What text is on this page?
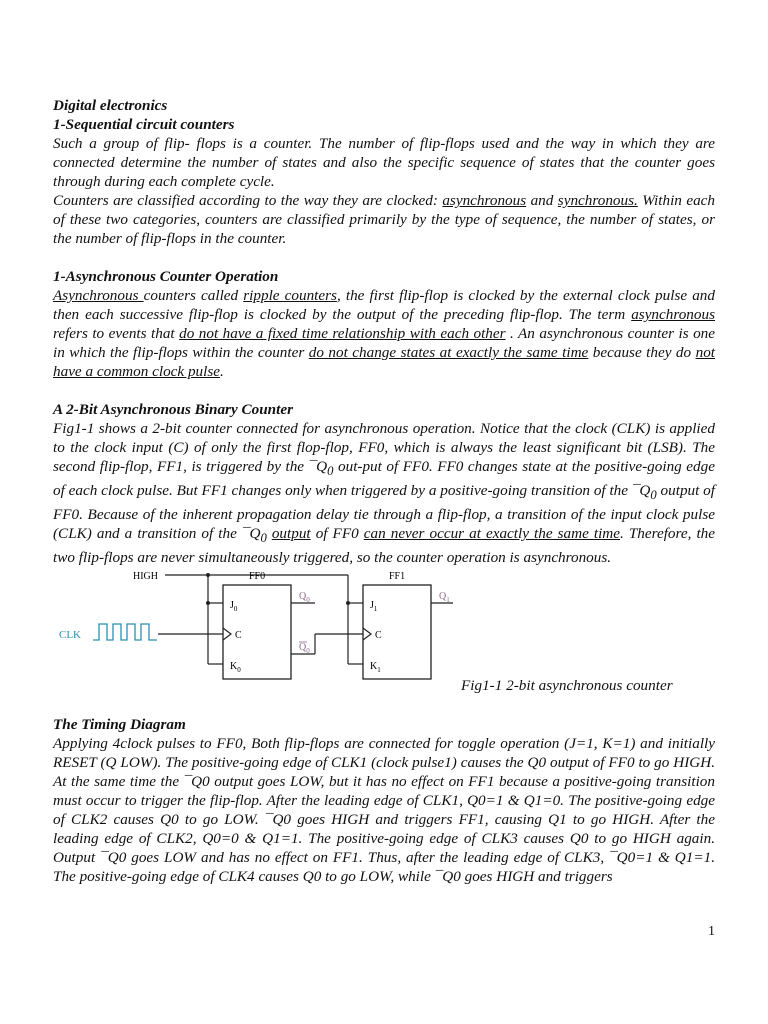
Digital electronics
1-Sequential circuit counters

Such a group of flip- flops is a counter. The number of flip-flops used and the way in which they are connected determine the number of states and also the specific sequence of states that the counter goes through during each complete cycle.

Counters are classified according to the way they are clocked: asynchronous and synchronous. Within each of these two categories, counters are classified primarily by the type of sequence, the number of states, or the number of flip-flops in the counter.

1-Asynchronous Counter Operation

Asynchronous counters called ripple counters, the first flip-flop is clocked by the external clock pulse and then each successive flip-flop is clocked by the output of the preceding flip-flop. The term asynchronous refers to events that do not have a fixed time relationship with each other . An asynchronous counter is one in which the flip-flops within the counter do not change states at exactly the same time because they do not have a common clock pulse.

A 2-Bit Asynchronous Binary Counter

Fig1-1 shows a 2-bit counter connected for asynchronous operation. Notice that the clock (CLK) is applied to the clock input (C) of only the first flop-flop, FF0, which is always the least significant bit (LSB). The second flip-flop, FF1, is triggered by the $¯Q_0$ out-put of FF0. FF0 changes state at the positive-going edge of each clock pulse. But FF1 changes only when triggered by a positive-going transition of the $¯Q_0$ output of FF0. Because of the inherent propagation delay tie through a flip-flop, a transition of the input clock pulse (CLK) and a transition of the $¯Q_0$ output of FF0 can never occur at exactly the same time. Therefore, the two flip-flops are never simultaneously triggered, so the counter operation is asynchronous.

HIGH	FF0
$J_0$
$K_0$
C
$Q_0$
$Q_0$
CLK
FF1
$J_1$
$K_1$
C
$Q_1$
Fig1-1 2-bit asynchronous counter
The Timing Diagram

Applying 4clock pulses to FF0, Both flip-flops are connected for toggle operation (J=1, K=1) and initially RESET (Q LOW). The positive-going edge of CLK1 (clock pulse1) causes the Q0 output of FF0 to go HIGH. At the same time the ¯Q0 output goes LOW, but it has no effect on FF1 because a positive-going transition must occur to trigger the flip-flop. After the leading edge of CLK1, Q0=1 & Q1=0. The positive-going edge of CLK2 causes Q0 to go LOW. ¯Q0 goes HIGH and triggers FF1, causing Q1 to go HIGH. After the leading edge of CLK2, Q0=0 & Q1=1. The positive-going edge of CLK3 causes Q0 to go HIGH again. Output ¯Q0 goes LOW and has no effect on FF1. Thus, after the leading edge of CLK3, ¯Q0=1 & Q1=1. The positive-going edge of CLK4 causes Q0 to go LOW, while ¯Q0 goes HIGH and triggers

1
